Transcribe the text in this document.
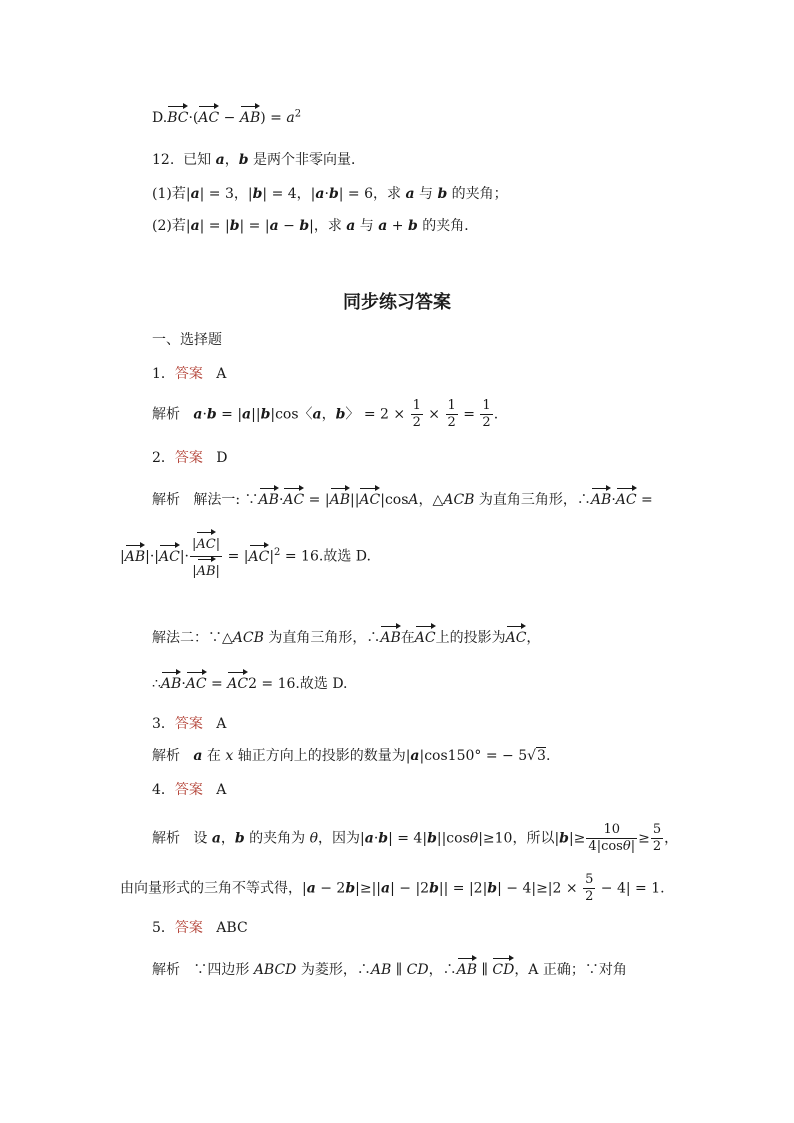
$D.BC\cdot(AC - AB) = a^2$
12.  已知 a，b 是两个非零向量．
(1)若|a| = 3，|b| = 4，|a·b| = 6，求 a 与 b 的夹角；
(2)若|a| = |b| = |a − b|，求 a 与 a + b 的夹角．
同步练习答案
一、选择题
1．答案 A
解析 a·b = |a||b|cos〈a，b〉 = $2 \times \frac{1}{2} \times \frac{1}{2} = \frac{1}{2}$ .
2．答案 D
解析   解法一: ∵AB·AC = |AB||AC|cosA，△ACB 为直角三角形，∴AB·AC =
$|AB|\cdot|AC|\cdot \frac{|AC|}{|AB|} = |AC|^2 = 16$.故选 D.
解法二：∵△ACB 为直角三角形，∴AB在AC上的投影为AC，
∴AB·AC = AC2 = 16.故选 D.
3．答案 A
解析 a 在 x 轴正方向上的投影的数量为|a|cos150° = − 5√3.
4．答案 A
解析   设 a，b 的夹角为 θ，因为|a·b| = 4|b||cosθ|≥10，所以$|b|\ge \frac{10}{4|\cos\theta|} \ge \frac{5}{2}$ ，
由向量形式的三角不等式得，$|a - 2b|\ge||a| - |2b|| = |2|b| - 4|\ge|2 \times \frac{5}{2} - 4| = 1$.
5．答案 ABC
解析   ∵四边形 ABCD 为菱形，∴AB ∥ CD，∴AB ∥ CD，A 正确；∵对角
